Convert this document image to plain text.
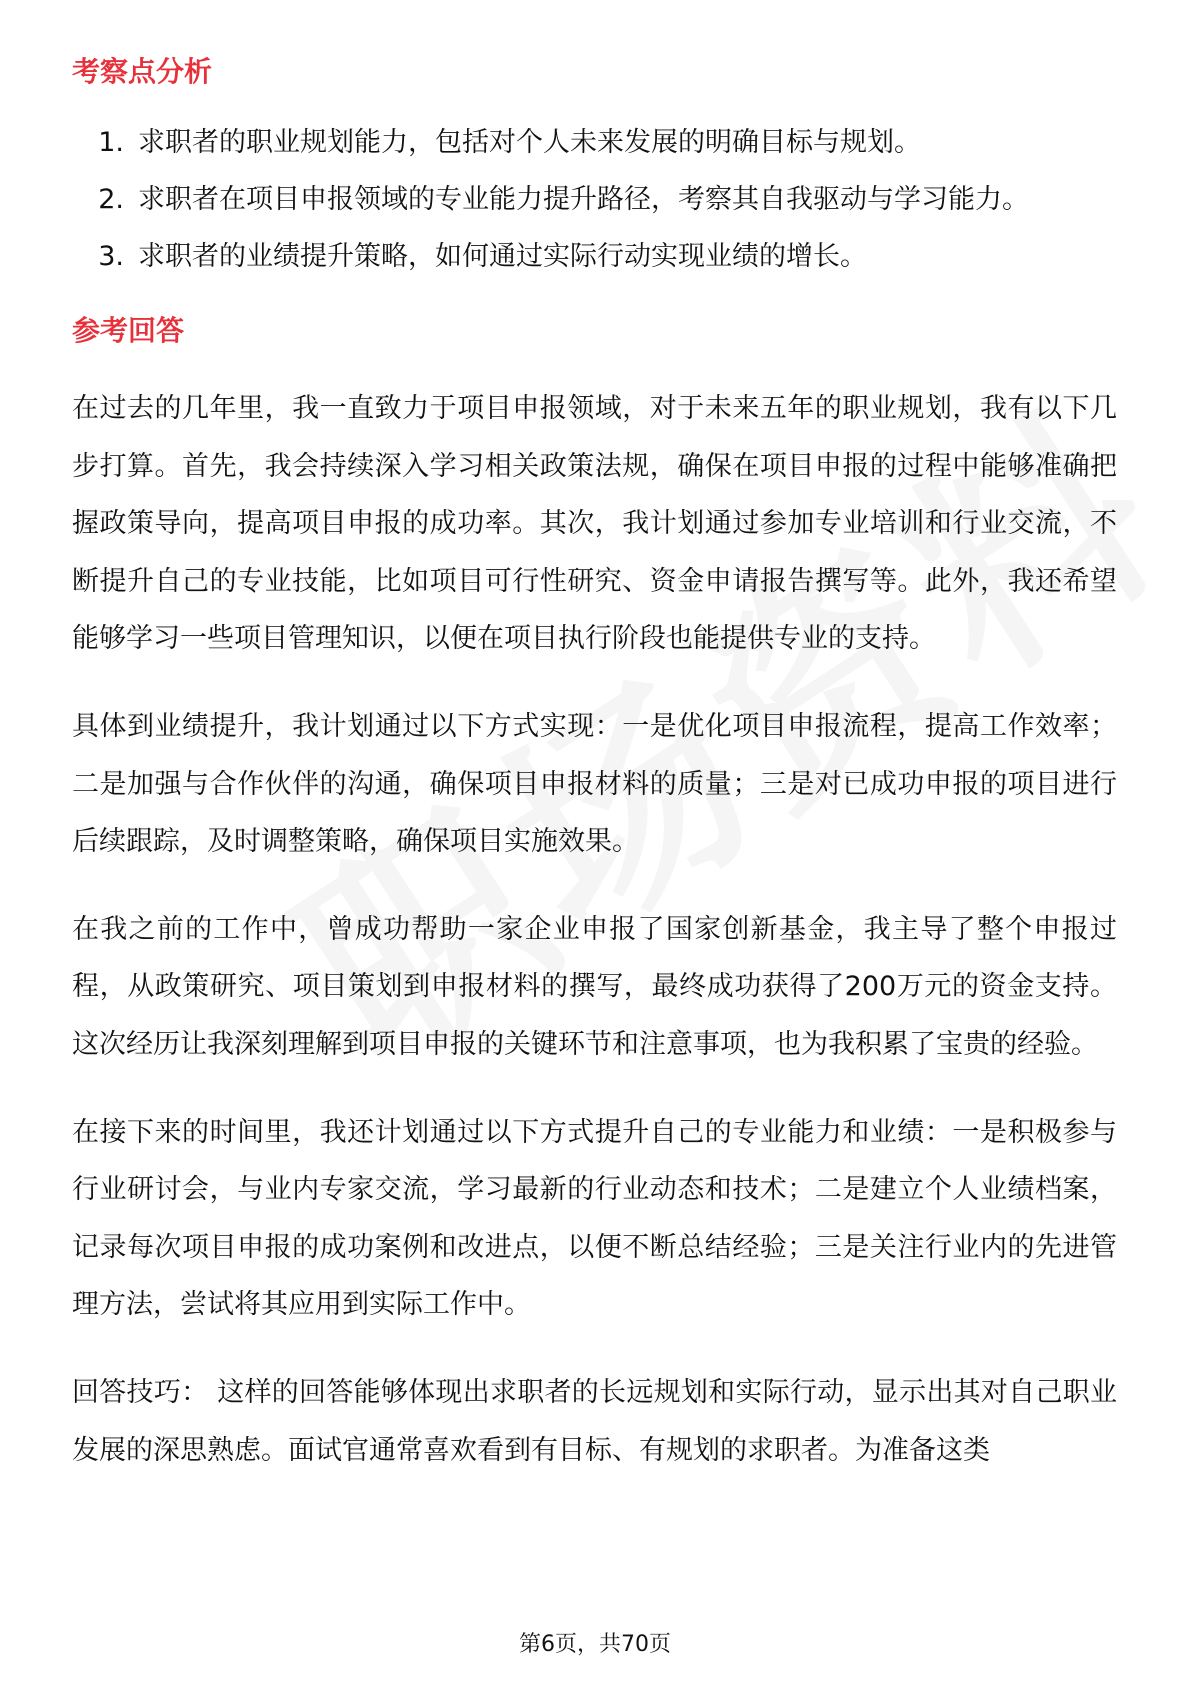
考察点分析
1. 求职者的职业规划能力，包括对个人未来发展的明确目标与规划。
2. 求职者在项目申报领域的专业能力提升路径，考察其自我驱动与学习能力。
3. 求职者的业绩提升策略，如何通过实际行动实现业绩的增长。
参考回答

在过去的几年里，我一直致力于项目申报领域，对于未来五年的职业规划，我有以下几步打算。首先，我会持续深入学习相关政策法规，确保在项目申报的过程中能够准确把握政策导向，提高项目申报的成功率。其次，我计划通过参加专业培训和行业交流，不断提升自己的专业技能，比如项目可行性研究、资金申请报告撰写等。此外，我还希望能够学习一些项目管理知识，以便在项目执行阶段也能提供专业的支持。

具体到业绩提升，我计划通过以下方式实现：一是优化项目申报流程，提高工作效率；二是加强与合作伙伴的沟通，确保项目申报材料的质量；三是对已成功申报的项目进行后续跟踪，及时调整策略，确保项目实施效果。

在我之前的工作中，曾成功帮助一家企业申报了国家创新基金，我主导了整个申报过程，从政策研究、项目策划到申报材料的撰写，最终成功获得了200万元的资金支持。这次经历让我深刻理解到项目申报的关键环节和注意事项，也为我积累了宝贵的经验。

在接下来的时间里，我还计划通过以下方式提升自己的专业能力和业绩：一是积极参与行业研讨会，与业内专家交流，学习最新的行业动态和技术；二是建立个人业绩档案，记录每次项目申报的成功案例和改进点，以便不断总结经验；三是关注行业内的先进管理方法，尝试将其应用到实际工作中。

回答技巧： 这样的回答能够体现出求职者的长远规划和实际行动，显示出其对自己职业发展的深思熟虑。面试官通常喜欢看到有目标、有规划的求职者。为准备这类

第6页，共70页
